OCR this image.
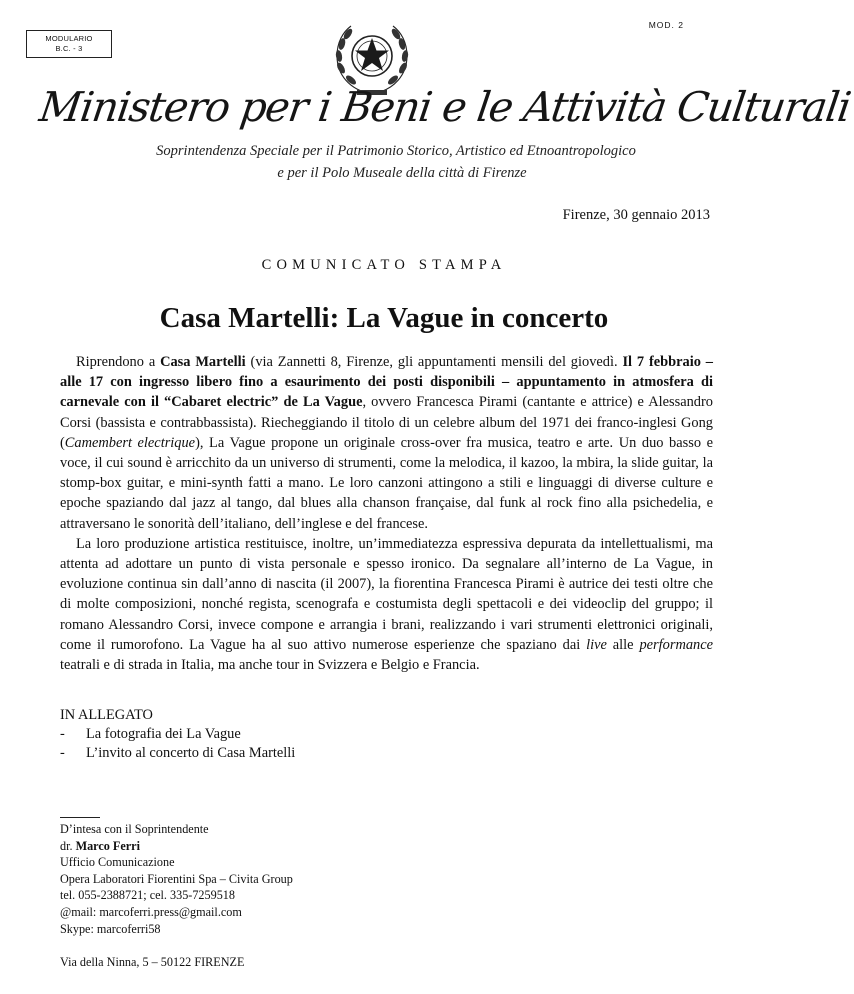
MODULARIO
B.C. - 3
MOD. 2
Ministero per i Beni e le Attività Culturali
Soprintendenza Speciale per il Patrimonio Storico, Artistico ed Etnoantropologico
e per il Polo Museale della città di Firenze
Firenze, 30 gennaio 2013
COMUNICATO STAMPA
Casa Martelli: La Vague in concerto

Riprendono a Casa Martelli (via Zannetti 8, Firenze, gli appuntamenti mensili del giovedì. Il 7 febbraio – alle 17 con ingresso libero fino a esaurimento dei posti disponibili – appuntamento in atmosfera di carnevale con il “Cabaret electric” de La Vague, ovvero Francesca Pirami (cantante e attrice) e Alessandro Corsi (bassista e contrabbassista). Riecheggiando il titolo di un celebre album del 1971 dei franco-inglesi Gong (Camembert electrique), La Vague propone un originale cross-over fra musica, teatro e arte. Un duo basso e voce, il cui sound è arricchito da un universo di strumenti, come la melodica, il kazoo, la mbira, la slide guitar, la stomp-box guitar, e mini-synth fatti a mano. Le loro canzoni attingono a stili e linguaggi di diverse culture e epoche spaziando dal jazz al tango, dal blues alla chanson française, dal funk al rock fino alla psichedelia, e attraversano le sonorità dell’italiano, dell’inglese e del francese.

La loro produzione artistica restituisce, inoltre, un’immediatezza espressiva depurata da intellettualismi, ma attenta ad adottare un punto di vista personale e spesso ironico. Da segnalare all’interno de La Vague, in evoluzione continua sin dall’anno di nascita (il 2007), la fiorentina Francesca Pirami è autrice dei testi oltre che di molte composizioni, nonché regista, scenografa e costumista degli spettacoli e dei videoclip del gruppo; il romano Alessandro Corsi, invece compone e arrangia i brani, realizzando i vari strumenti elettronici originali, come il rumorofono. La Vague ha al suo attivo numerose esperienze che spaziano dai live alle performance teatrali e di strada in Italia, ma anche tour in Svizzera e Belgio e Francia.

IN ALLEGATO
- La fotografia dei La Vague
- L’invito al concerto di Casa Martelli
D’intesa con il Soprintendente
dr. Marco Ferri
Ufficio Comunicazione
Opera Laboratori Fiorentini Spa – Civita Group
tel. 055-2388721; cel. 335-7259518
@mail: marcoferri.press@gmail.com
Skype: marcoferri58
Via della Ninna, 5 – 50122 FIRENZE
